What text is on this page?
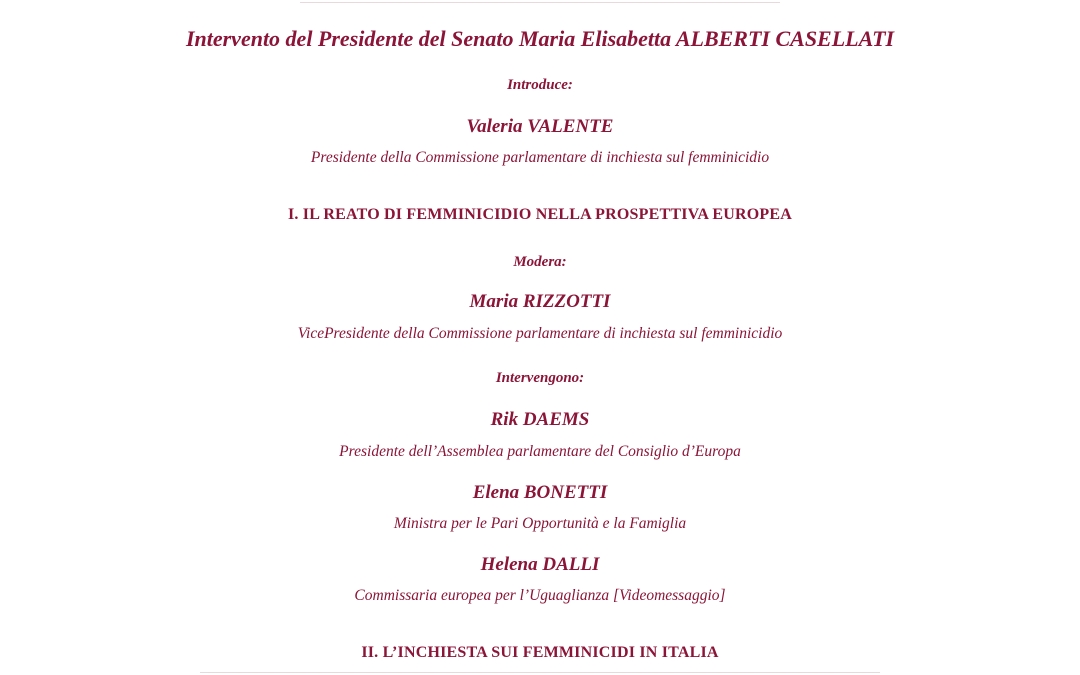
Intervento del Presidente del Senato Maria Elisabetta ALBERTI CASELLATI
Introduce:
Valeria VALENTE
Presidente della Commissione parlamentare di inchiesta sul femminicidio
I. IL REATO DI FEMMINICIDIO NELLA PROSPETTIVA EUROPEA
Modera:
Maria RIZZOTTI
VicePresidente della Commissione parlamentare di inchiesta sul femminicidio
Intervengono:
Rik DAEMS
Presidente dell’Assemblea parlamentare del Consiglio d’Europa
Elena BONETTI
Ministra per le Pari Opportunità e la Famiglia
Helena DALLI
Commissaria europea per l’Uguaglianza [Videomessaggio]
II. L’INCHIESTA SUI FEMMINICIDI IN ITALIA
